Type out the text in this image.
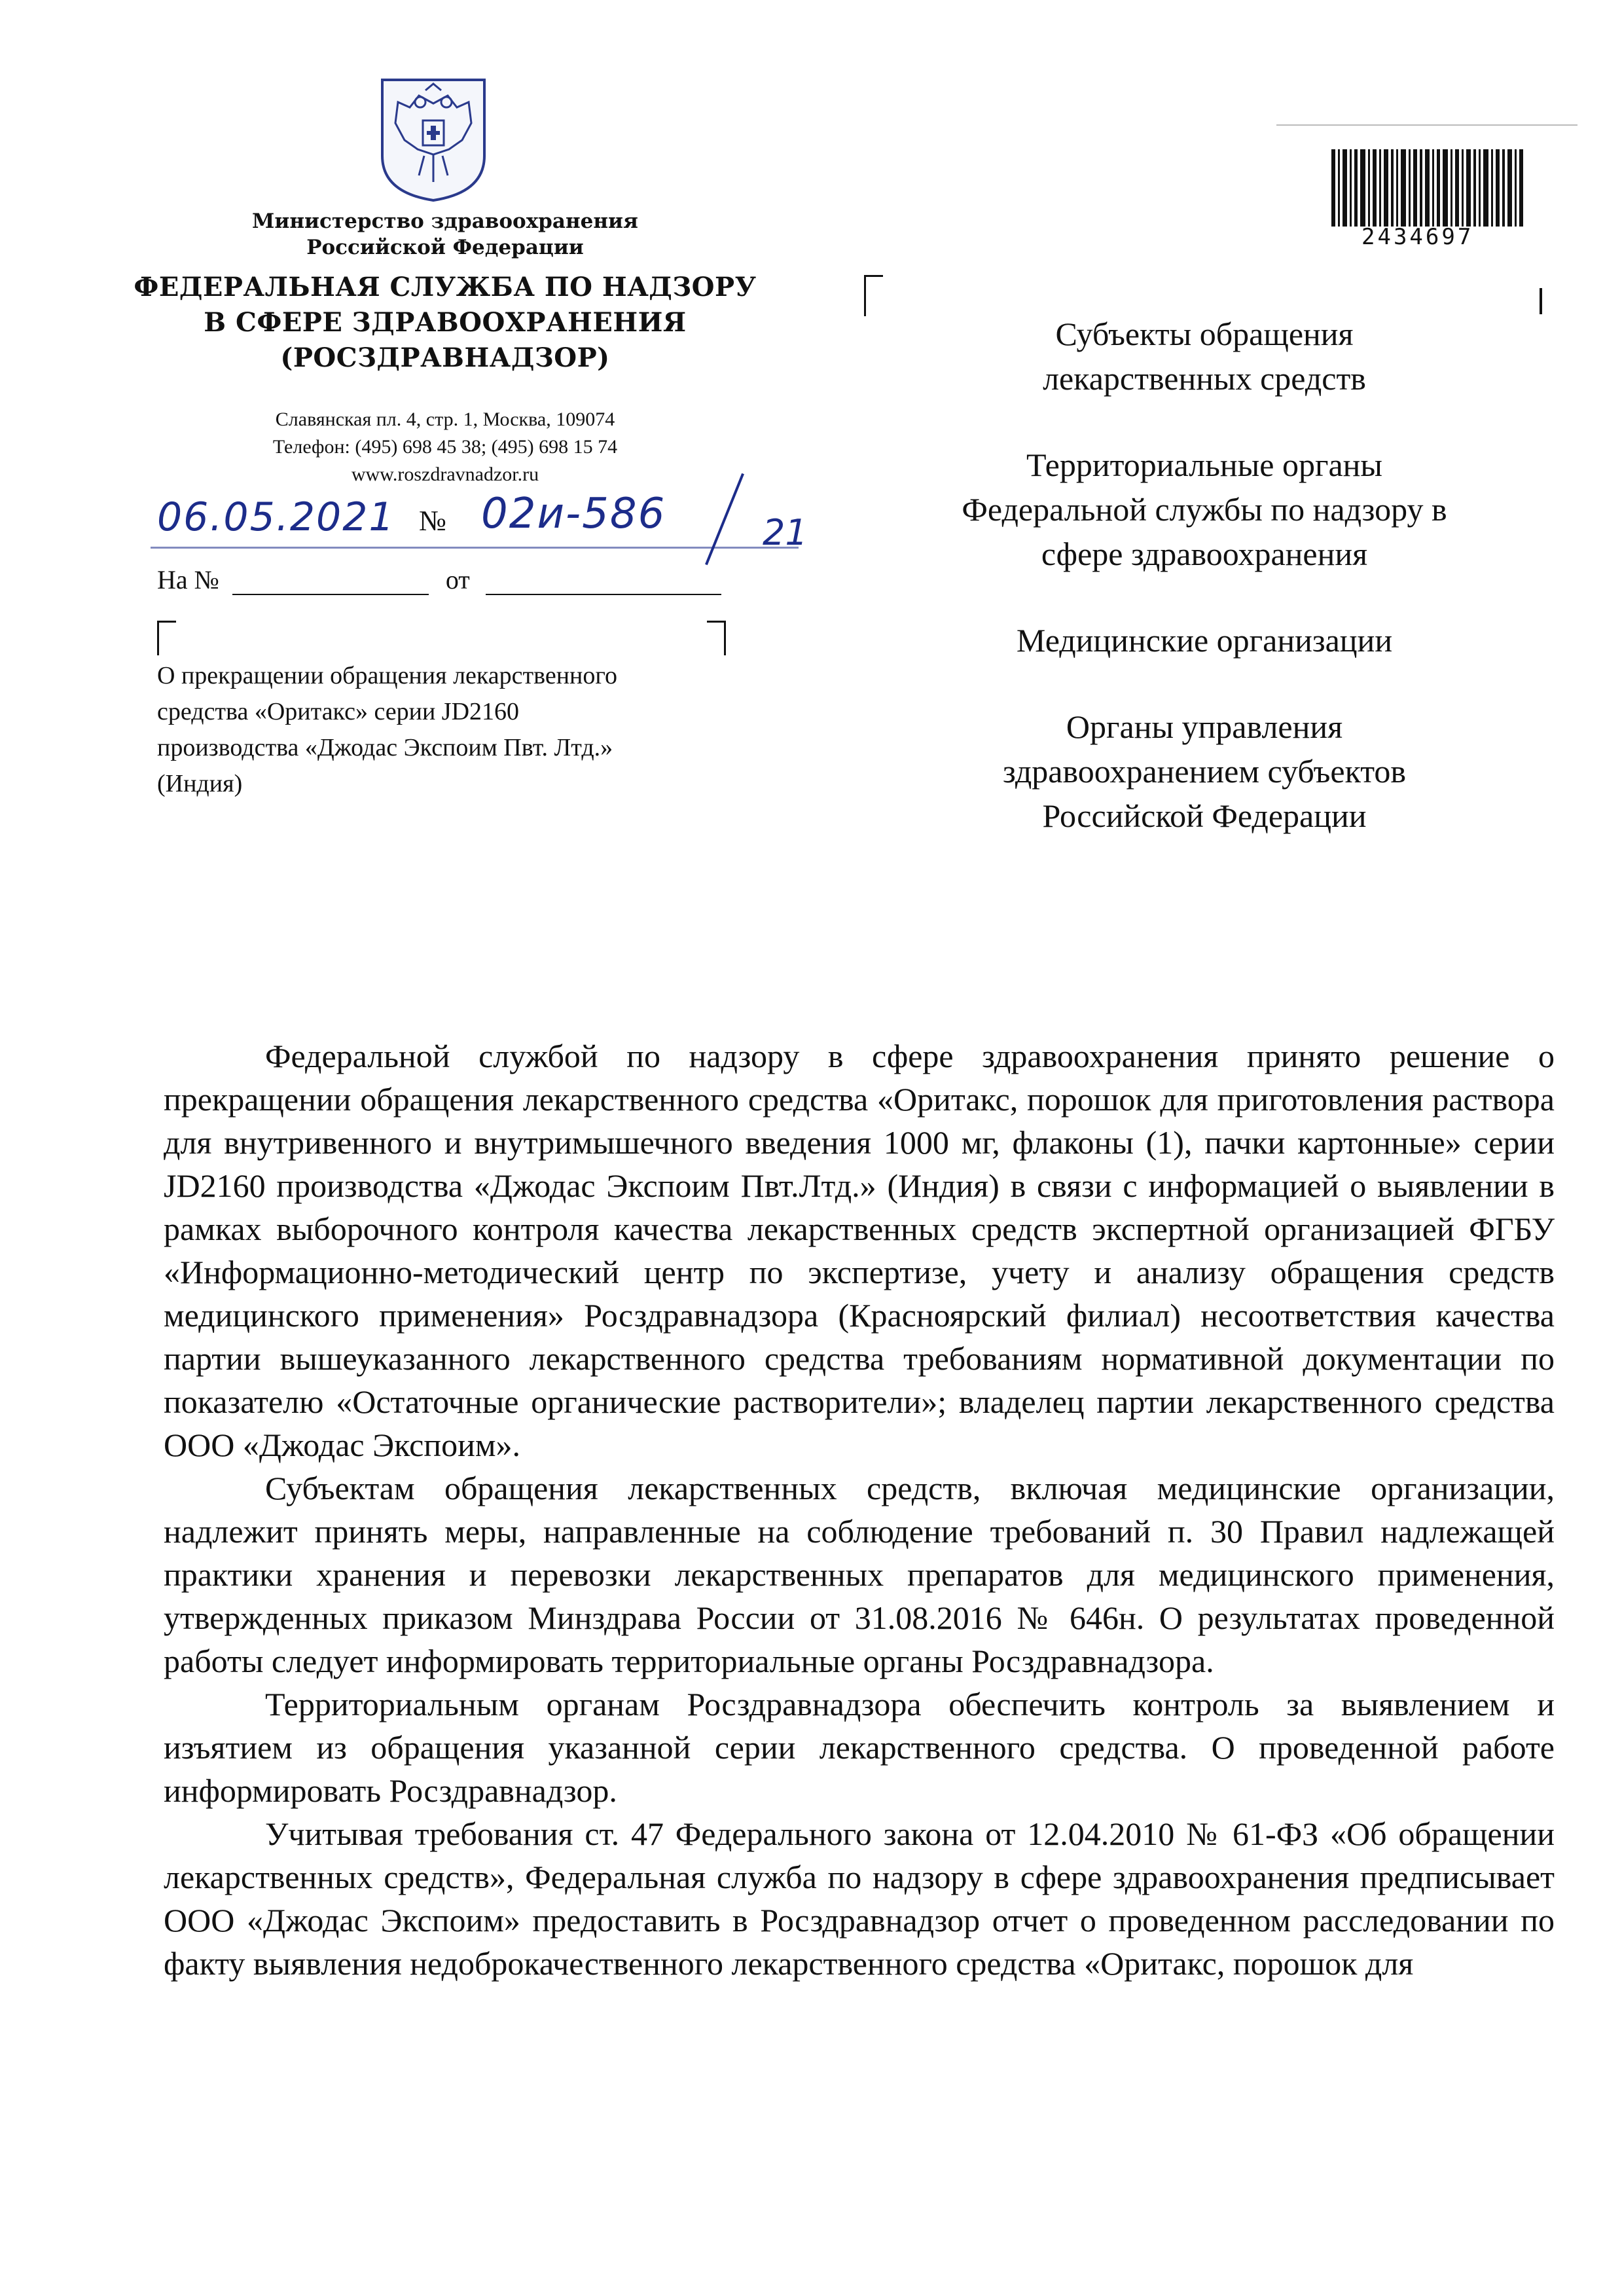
Министерство здравоохранения
Российской Федерации
ФЕДЕРАЛЬНАЯ СЛУЖБА ПО НАДЗОРУ
В СФЕРЕ ЗДРАВООХРАНЕНИЯ
(РОСЗДРАВНАДЗОР)
Славянская пл. 4, стр. 1, Москва, 109074
Телефон: (495) 698 45 38; (495) 698 15 74
www.roszdravnadzor.ru
06.05.2021 № 02и-586	21
На №	от
О прекращении обращения лекарственного
средства «Оритакс» серии JD2160
производства «Джодас Экспоим Пвт. Лтд.»
(Индия)
2434697
Субъекты обращения
лекарственных средств
Территориальные органы
Федеральной службы по надзору в
сфере здравоохранения
Медицинские организации
Органы управления
здравоохранением субъектов
Российской Федерации

Федеральной службой по надзору в сфере здравоохранения принято решение о прекращении обращения лекарственного средства «Оритакс, порошок для приготовления раствора для внутривенного и внутримышечного введения 1000 мг, флаконы (1), пачки картонные» серии JD2160 производства «Джодас Экспоим Пвт.Лтд.» (Индия) в связи с информацией о выявлении в рамках выборочного контроля качества лекарственных средств экспертной организацией ФГБУ «Информационно-методический центр по экспертизе, учету и анализу обращения средств медицинского применения» Росздравнадзора (Красноярский филиал) несоответствия качества партии вышеуказанного лекарственного средства требованиям нормативной документации по показателю «Остаточные органические растворители»; владелец партии лекарственного средства ООО «Джодас Экспоим».

Субъектам обращения лекарственных средств, включая медицинские организации, надлежит принять меры, направленные на соблюдение требований п. 30 Правил надлежащей практики хранения и перевозки лекарственных препаратов для медицинского применения, утвержденных приказом Минздрава России от 31.08.2016 № 646н. О результатах проведенной работы следует информировать территориальные органы Росздравнадзора.

Территориальным органам Росздравнадзора обеспечить контроль за выявлением и изъятием из обращения указанной серии лекарственного средства. О проведенной работе информировать Росздравнадзор.

Учитывая требования ст. 47 Федерального закона от 12.04.2010 № 61-ФЗ «Об обращении лекарственных средств», Федеральная служба по надзору в сфере здравоохранения предписывает ООО «Джодас Экспоим» предоставить в Росздравнадзор отчет о проведенном расследовании по факту выявления недоброкачественного лекарственного средства «Оритакс, порошок для
